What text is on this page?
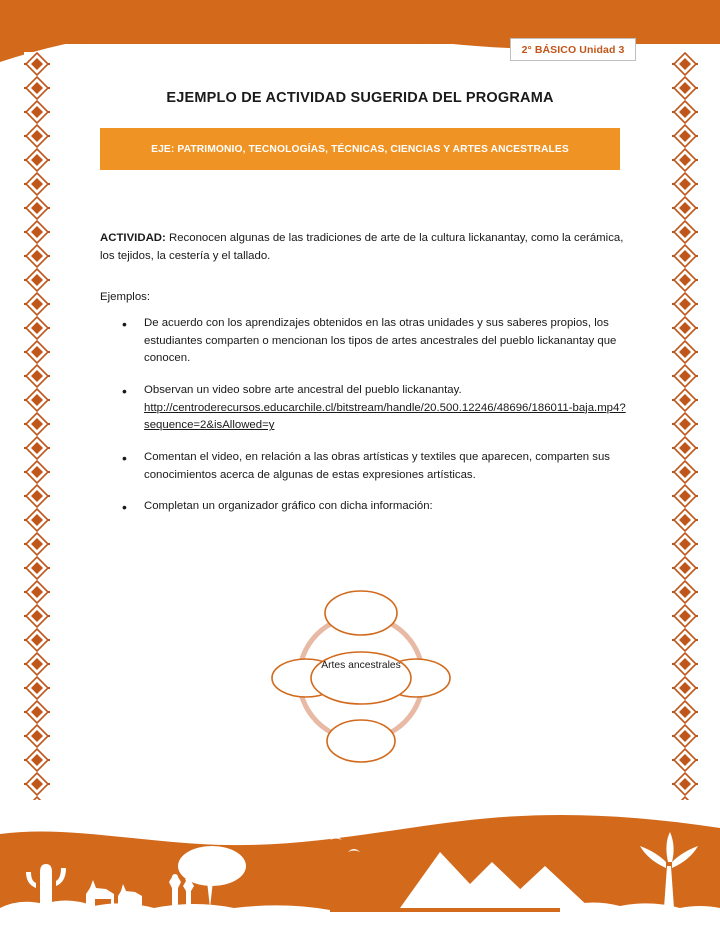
2° BÁSICO Unidad 3
EJEMPLO DE ACTIVIDAD SUGERIDA DEL PROGRAMA
EJE: PATRIMONIO, TECNOLOGÍAS, TÉCNICAS, CIENCIAS Y ARTES ANCESTRALES

ACTIVIDAD: Reconocen algunas de las tradiciones de arte de la cultura lickanantay, como la cerámica, los tejidos, la cestería y el tallado.

Ejemplos:

• De acuerdo con los aprendizajes obtenidos en las otras unidades y sus saberes propios, los estudiantes comparten o mencionan los tipos de artes ancestrales del pueblo lickanantay que conocen.
• Observan un video sobre arte ancestral del pueblo lickanantay.
http://centroderecursos.educarchile.cl/bitstream/handle/20.500.12246/48696/186011-baja.mp4?sequence=2&isAllowed=y
• Comentan el video, en relación a las obras artísticas y textiles que aparecen, comparten sus conocimientos acerca de algunas de estas expresiones artísticas.
• Completan un organizador gráfico con dicha información:
Artes ancestrales
